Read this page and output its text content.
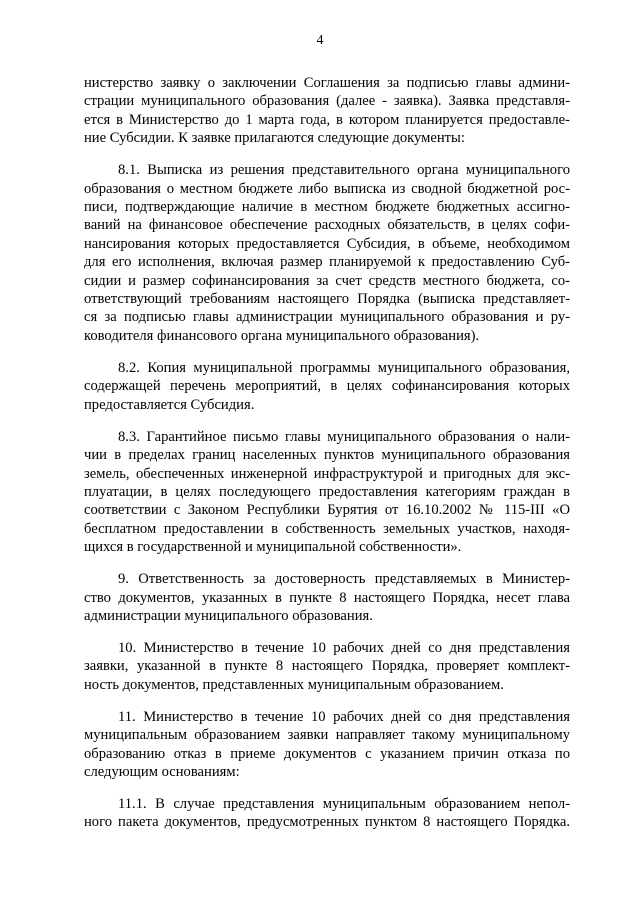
4

нистерство заявку о заключении Соглашения за подписью главы админи-
страции муниципального образования (далее - заявка). Заявка представля-
ется в Министерство до 1 марта года, в котором планируется предоставле-
ние Субсидии. К заявке прилагаются следующие документы:

8.1. Выписка из решения представительного органа муниципального
образования о местном бюджете либо выписка из сводной бюджетной рос-
писи, подтверждающие наличие в местном бюджете бюджетных ассигно-
ваний на финансовое обеспечение расходных обязательств, в целях софи-
нансирования которых предоставляется Субсидия, в объеме, необходимом
для его исполнения, включая размер планируемой к предоставлению Суб-
сидии и размер софинансирования за счет средств местного бюджета, со-
ответствующий требованиям настоящего Порядка (выписка представляет-
ся за подписью главы администрации муниципального образования и ру-
ководителя финансового органа муниципального образования).

8.2. Копия муниципальной программы муниципального образования,
содержащей перечень мероприятий, в целях софинансирования которых
предоставляется Субсидия.

8.3. Гарантийное письмо главы муниципального образования о нали-
чии в пределах границ населенных пунктов муниципального образования
земель, обеспеченных инженерной инфраструктурой и пригодных для экс-
плуатации, в целях последующего предоставления категориям граждан в
соответствии с Законом Республики Бурятия от 16.10.2002 № 115-III «О
бесплатном предоставлении в собственность земельных участков, находя-
щихся в государственной и муниципальной собственности».

9. Ответственность за достоверность представляемых в Министер-
ство документов, указанных в пункте 8 настоящего Порядка, несет глава
администрации муниципального образования.

10. Министерство в течение 10 рабочих дней со дня представления
заявки, указанной в пункте 8 настоящего Порядка, проверяет комплект-
ность документов, представленных муниципальным образованием.

11. Министерство в течение 10 рабочих дней со дня представления
муниципальным образованием заявки направляет такому муниципальному
образованию отказ в приеме документов с указанием причин отказа по
следующим основаниям:

11.1. В случае представления муниципальным образованием непол-
ного пакета документов, предусмотренных пунктом 8 настоящего Порядка.
